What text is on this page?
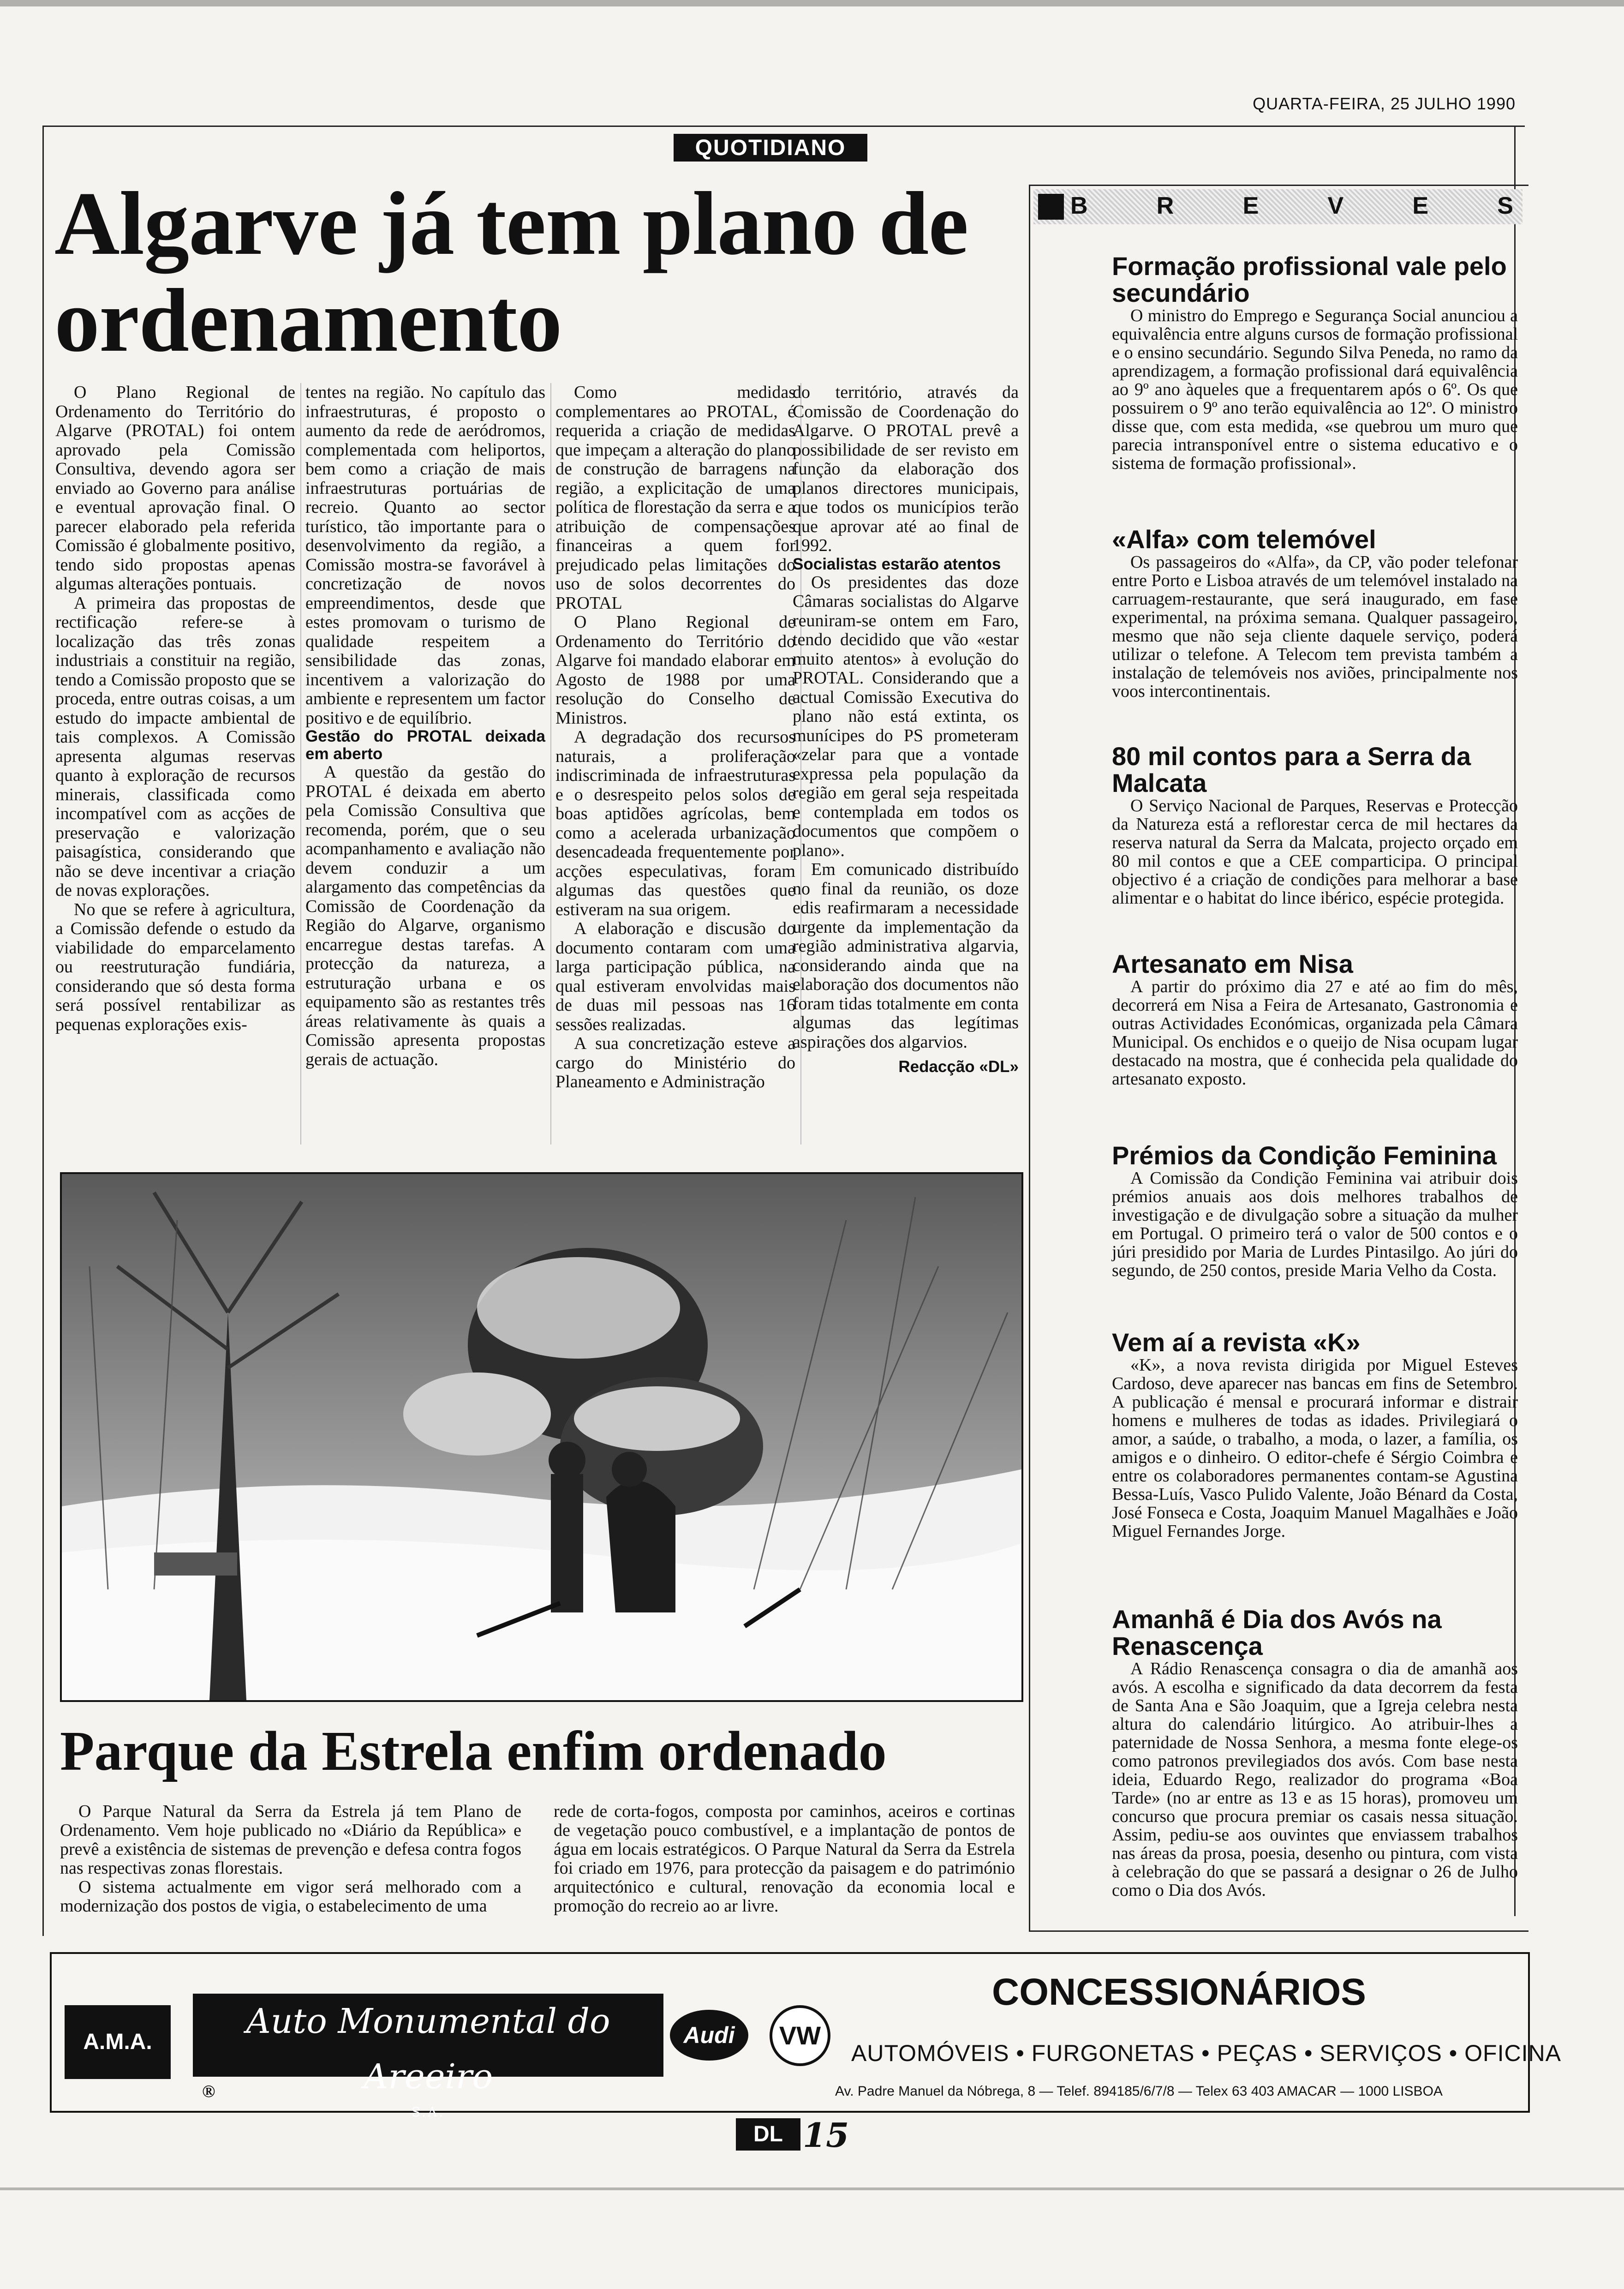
QUARTA-FEIRA, 25 JULHO 1990
QUOTIDIANO
Algarve já tem plano de ordenamento

O Plano Regional de Ordenamento do Território do Algarve (PROTAL) foi ontem aprovado pela Comissão Consultiva, devendo agora ser enviado ao Governo para análise e eventual aprovação final. O parecer elaborado pela referida Comissão é globalmente positivo, tendo sido propostas apenas algumas alterações pontuais.

A primeira das propostas de rectificação refere-se à localização das três zonas industriais a constituir na região, tendo a Comissão proposto que se proceda, entre outras coisas, a um estudo do impacte ambiental de tais complexos. A Comissão apresenta algumas reservas quanto à exploração de recursos minerais, classificada como incompatível com as acções de preservação e valorização paisagística, considerando que não se deve incentivar a criação de novas explorações.

No que se refere à agricultura, a Comissão defende o estudo da viabilidade do emparcelamento ou reestruturação fundiária, considerando que só desta forma será possível rentabilizar as pequenas explorações exis-

tentes na região. No capítulo das infraestruturas, é proposto o aumento da rede de aeródromos, complementada com heliportos, bem como a criação de mais infraestruturas portuárias de recreio. Quanto ao sector turístico, tão importante para o desenvolvimento da região, a Comissão mostra-se favorável à concretização de novos empreendimentos, desde que estes promovam o turismo de qualidade respeitem a sensibilidade das zonas, incentivem a valorização do ambiente e representem um factor positivo e de equilíbrio.

Gestão do PROTAL deixada em aberto

A questão da gestão do PROTAL é deixada em aberto pela Comissão Consultiva que recomenda, porém, que o seu acompanhamento e avaliação não devem conduzir a um alargamento das competências da Comissão de Coordenação da Região do Algarve, organismo encarregue destas tarefas. A protecção da natureza, a estruturação urbana e os equipamento são as restantes três áreas relativamente às quais a Comissão apresenta propostas gerais de actuação.

Como medidas complementares ao PROTAL, é requerida a criação de medidas que impeçam a alteração do plano de construção de barragens na região, a explicitação de uma política de florestação da serra e a atribuição de compensações financeiras a quem for prejudicado pelas limitações do uso de solos decorrentes do PROTAL

O Plano Regional de Ordenamento do Território do Algarve foi mandado elaborar em Agosto de 1988 por uma resolução do Conselho de Ministros.

A degradação dos recursos naturais, a proliferação indiscriminada de infraestruturas e o desrespeito pelos solos de boas aptidões agrícolas, bem como a acelerada urbanização desencadeada frequentemente por acções especulativas, foram algumas das questões que estiveram na sua origem.

A elaboração e discusão do documento contaram com uma larga participação pública, na qual estiveram envolvidas mais de duas mil pessoas nas 16 sessões realizadas.

A sua concretização esteve a cargo do Ministério do Planeamento e Administração

do território, através da Comissão de Coordenação do Algarve. O PROTAL prevê a possibilidade de ser revisto em função da elaboração dos planos directores municipais, que todos os municípios terão que aprovar até ao final de 1992.

Socialistas estarão atentos

Os presidentes das doze Câmaras socialistas do Algarve reuniram-se ontem em Faro, tendo decidido que vão «estar muito atentos» à evolução do PROTAL. Considerando que a actual Comissão Executiva do plano não está extinta, os munícipes do PS prometeram «zelar para que a vontade expressa pela população da região em geral seja respeitada e contemplada em todos os documentos que compõem o plano».

Em comunicado distribuído no final da reunião, os doze edis reafirmaram a necessidade urgente da implementação da região administrativa algarvia, considerando ainda que na elaboração dos documentos não foram tidas totalmente em conta algumas das legítimas aspirações dos algarvios.

Redacção «DL»
Parque da Estrela enfim ordenado

O Parque Natural da Serra da Estrela já tem Plano de Ordenamento. Vem hoje publicado no «Diário da República» e prevê a existência de sistemas de prevenção e defesa contra fogos nas respectivas zonas florestais.

O sistema actualmente em vigor será melhorado com a modernização dos postos de vigia, o estabelecimento de uma

rede de corta-fogos, composta por caminhos, aceiros e cortinas de vegetação pouco combustível, e a implantação de pontos de água em locais estratégicos. O Parque Natural da Serra da Estrela foi criado em 1976, para protecção da paisagem e do património arquitectónico e cultural, renovação da economia local e promoção do recreio ao ar livre.

B	R	E	V	E	S
Formação profissional vale pelo secundário

O ministro do Emprego e Segurança Social anunciou a equivalência entre alguns cursos de formação profissional e o ensino secundário. Segundo Silva Peneda, no ramo da aprendizagem, a formação profissional dará equivalência ao 9º ano àqueles que a frequentarem após o 6º. Os que possuirem o 9º ano terão equivalência ao 12º. O ministro disse que, com esta medida, «se quebrou um muro que parecia intransponível entre o sistema educativo e o sistema de formação profissional».

«Alfa» com telemóvel

Os passageiros do «Alfa», da CP, vão poder telefonar entre Porto e Lisboa através de um telemóvel instalado na carruagem-restaurante, que será inaugurado, em fase experimental, na próxima semana. Qualquer passageiro, mesmo que não seja cliente daquele serviço, poderá utilizar o telefone. A Telecom tem prevista também a instalação de telemóveis nos aviões, principalmente nos voos intercontinentais.

80 mil contos para a Serra da Malcata

O Serviço Nacional de Parques, Reservas e Protecção da Natureza está a reflorestar cerca de mil hectares da reserva natural da Serra da Malcata, projecto orçado em 80 mil contos e que a CEE comparticipa. O principal objectivo é a criação de condições para melhorar a base alimentar e o habitat do lince ibérico, espécie protegida.

Artesanato em Nisa

A partir do próximo dia 27 e até ao fim do mês, decorrerá em Nisa a Feira de Artesanato, Gastronomia e outras Actividades Económicas, organizada pela Câmara Municipal. Os enchidos e o queijo de Nisa ocupam lugar destacado na mostra, que é conhecida pela qualidade do artesanato exposto.

Prémios da Condição Feminina

A Comissão da Condição Feminina vai atribuir dois prémios anuais aos dois melhores trabalhos de investigação e de divulgação sobre a situação da mulher em Portugal. O primeiro terá o valor de 500 contos e o júri presidido por Maria de Lurdes Pintasilgo. Ao júri do segundo, de 250 contos, preside Maria Velho da Costa.

Vem aí a revista «K»

«K», a nova revista dirigida por Miguel Esteves Cardoso, deve aparecer nas bancas em fins de Setembro. A publicação é mensal e procurará informar e distrair homens e mulheres de todas as idades. Privilegiará o amor, a saúde, o trabalho, a moda, o lazer, a família, os amigos e o dinheiro. O editor-chefe é Sérgio Coimbra e entre os colaboradores permanentes contam-se Agustina Bessa-Luís, Vasco Pulido Valente, João Bénard da Costa, José Fonseca e Costa, Joaquim Manuel Magalhães e João Miguel Fernandes Jorge.

Amanhã é Dia dos Avós na Renascença

A Rádio Renascença consagra o dia de amanhã aos avós. A escolha e significado da data decorrem da festa de Santa Ana e São Joaquim, que a Igreja celebra nesta altura do calendário litúrgico. Ao atribuir-lhes a paternidade de Nossa Senhora, a mesma fonte elege-os como patronos previlegiados dos avós. Com base nesta ideia, Eduardo Rego, realizador do programa «Boa Tarde» (no ar entre as 13 e as 15 horas), promoveu um concurso que procura premiar os casais nessa situação. Assim, pediu-se aos ouvintes que enviassem trabalhos nas áreas da prosa, poesia, desenho ou pintura, com vista à celebração do que se passará a designar o 26 de Julho como o Dia dos Avós.

A.M.A.
Auto Monumental do Areeiro
S.A.
®
Audi	VW
CONCESSIONÁRIOS
AUTOMÓVEIS • FURGONETAS • PEÇAS • SERVIÇOS • OFICINA
Av. Padre Manuel da Nóbrega, 8 — Telef. 894185/6/7/8 — Telex 63 403 AMACAR — 1000 LISBOA
DL 15
